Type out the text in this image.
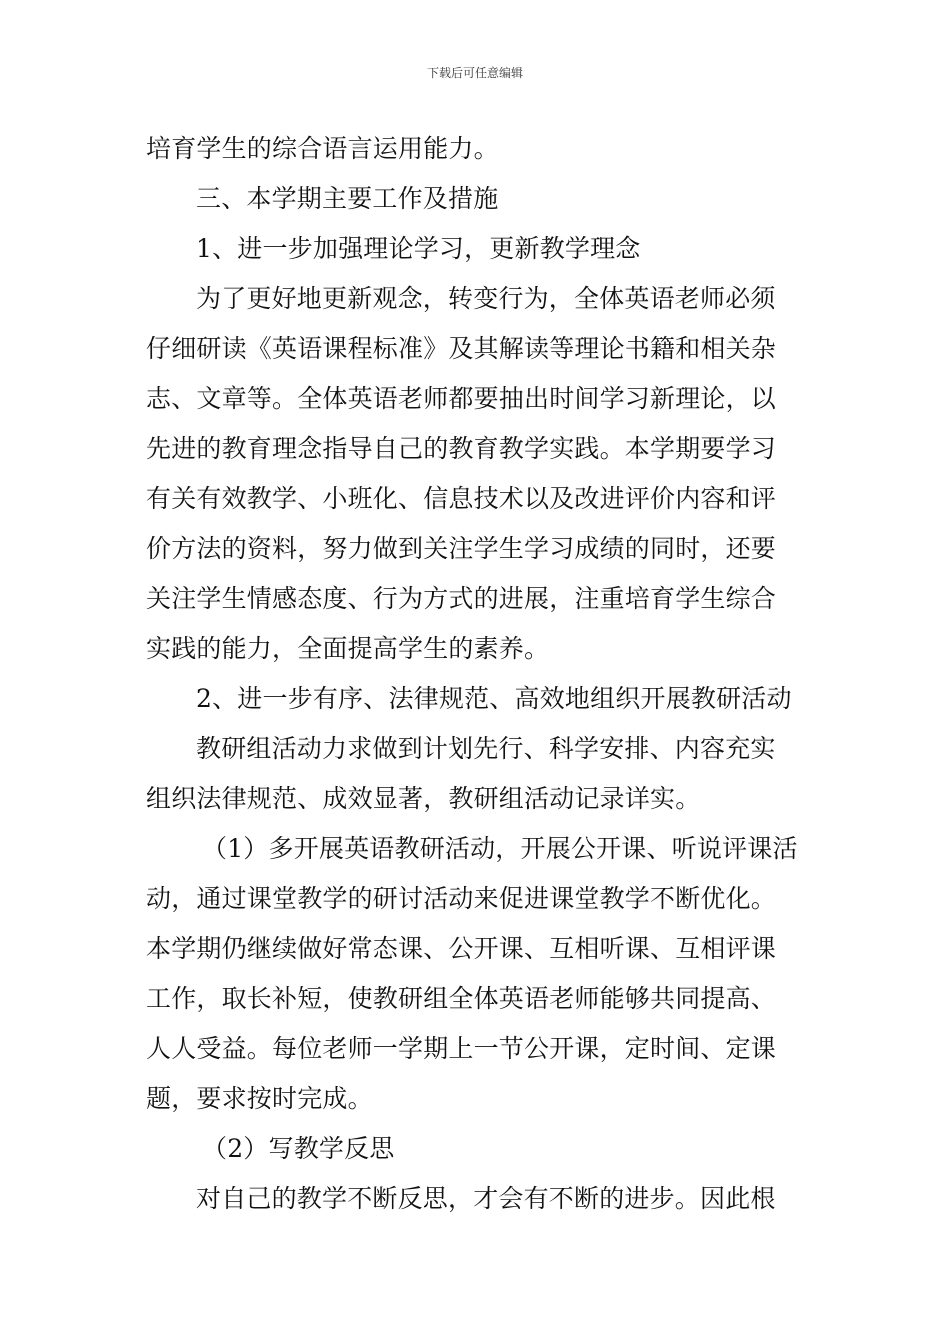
下载后可任意编辑
培育学生的综合语言运用能力。
三、本学期主要工作及措施
1、进一步加强理论学习，更新教学理念
为了更好地更新观念，转变行为，全体英语老师必须
仔细研读《英语课程标准》及其解读等理论书籍和相关杂
志、文章等。全体英语老师都要抽出时间学习新理论，以
先进的教育理念指导自己的教育教学实践。本学期要学习
有关有效教学、小班化、信息技术以及改进评价内容和评
价方法的资料，努力做到关注学生学习成绩的同时，还要
关注学生情感态度、行为方式的进展，注重培育学生综合
实践的能力，全面提高学生的素养。
2、进一步有序、法律规范、高效地组织开展教研活动
教研组活动力求做到计划先行、科学安排、内容充实
组织法律规范、成效显著，教研组活动记录详实。
（1）多开展英语教研活动，开展公开课、听说评课活
动，通过课堂教学的研讨活动来促进课堂教学不断优化。
本学期仍继续做好常态课、公开课、互相听课、互相评课
工作，取长补短，使教研组全体英语老师能够共同提高、
人人受益。每位老师一学期上一节公开课，定时间、定课
题，要求按时完成。
（2）写教学反思
对自己的教学不断反思，才会有不断的进步。因此根
